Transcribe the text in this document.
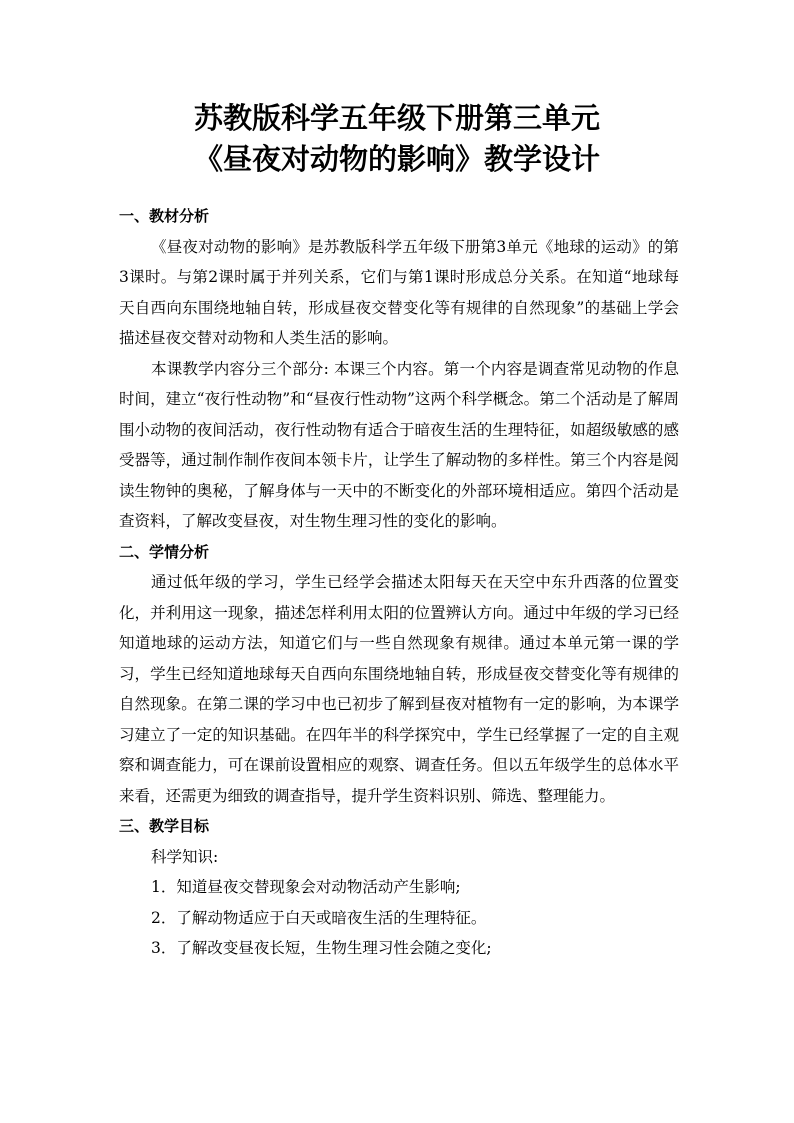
苏教版科学五年级下册第三单元
《昼夜对动物的影响》教学设计
一、教材分析

《昼夜对动物的影响》是苏教版科学五年级下册第3单元《地球的运动》的第3课时。与第2课时属于并列关系，它们与第1课时形成总分关系。在知道“地球每天自西向东围绕地轴自转，形成昼夜交替变化等有规律的自然现象”的基础上学会描述昼夜交替对动物和人类生活的影响。

本课教学内容分三个部分: 本课三个内容。第一个内容是调查常见动物的作息时间，建立“夜行性动物”和“昼夜行性动物”这两个科学概念。第二个活动是了解周围小动物的夜间活动，夜行性动物有适合于暗夜生活的生理特征，如超级敏感的感受器等，通过制作制作夜间本领卡片，让学生了解动物的多样性。第三个内容是阅读生物钟的奥秘，了解身体与一天中的不断变化的外部环境相适应。第四个活动是查资料，了解改变昼夜，对生物生理习性的变化的影响。

二、学情分析

通过低年级的学习，学生已经学会描述太阳每天在天空中东升西落的位置变化，并利用这一现象，描述怎样利用太阳的位置辨认方向。通过中年级的学习已经知道地球的运动方法，知道它们与一些自然现象有规律。通过本单元第一课的学习，学生已经知道地球每天自西向东围绕地轴自转，形成昼夜交替变化等有规律的自然现象。在第二课的学习中也已初步了解到昼夜对植物有一定的影响，为本课学习建立了一定的知识基础。在四年半的科学探究中，学生已经掌握了一定的自主观察和调查能力，可在课前设置相应的观察、调查任务。但以五年级学生的总体水平来看，还需更为细致的调查指导，提升学生资料识别、筛选、整理能力。

三、教学目标

科学知识:

1．知道昼夜交替现象会对动物活动产生影响;

2．了解动物适应于白天或暗夜生活的生理特征。

3．了解改变昼夜长短，生物生理习性会随之变化;
